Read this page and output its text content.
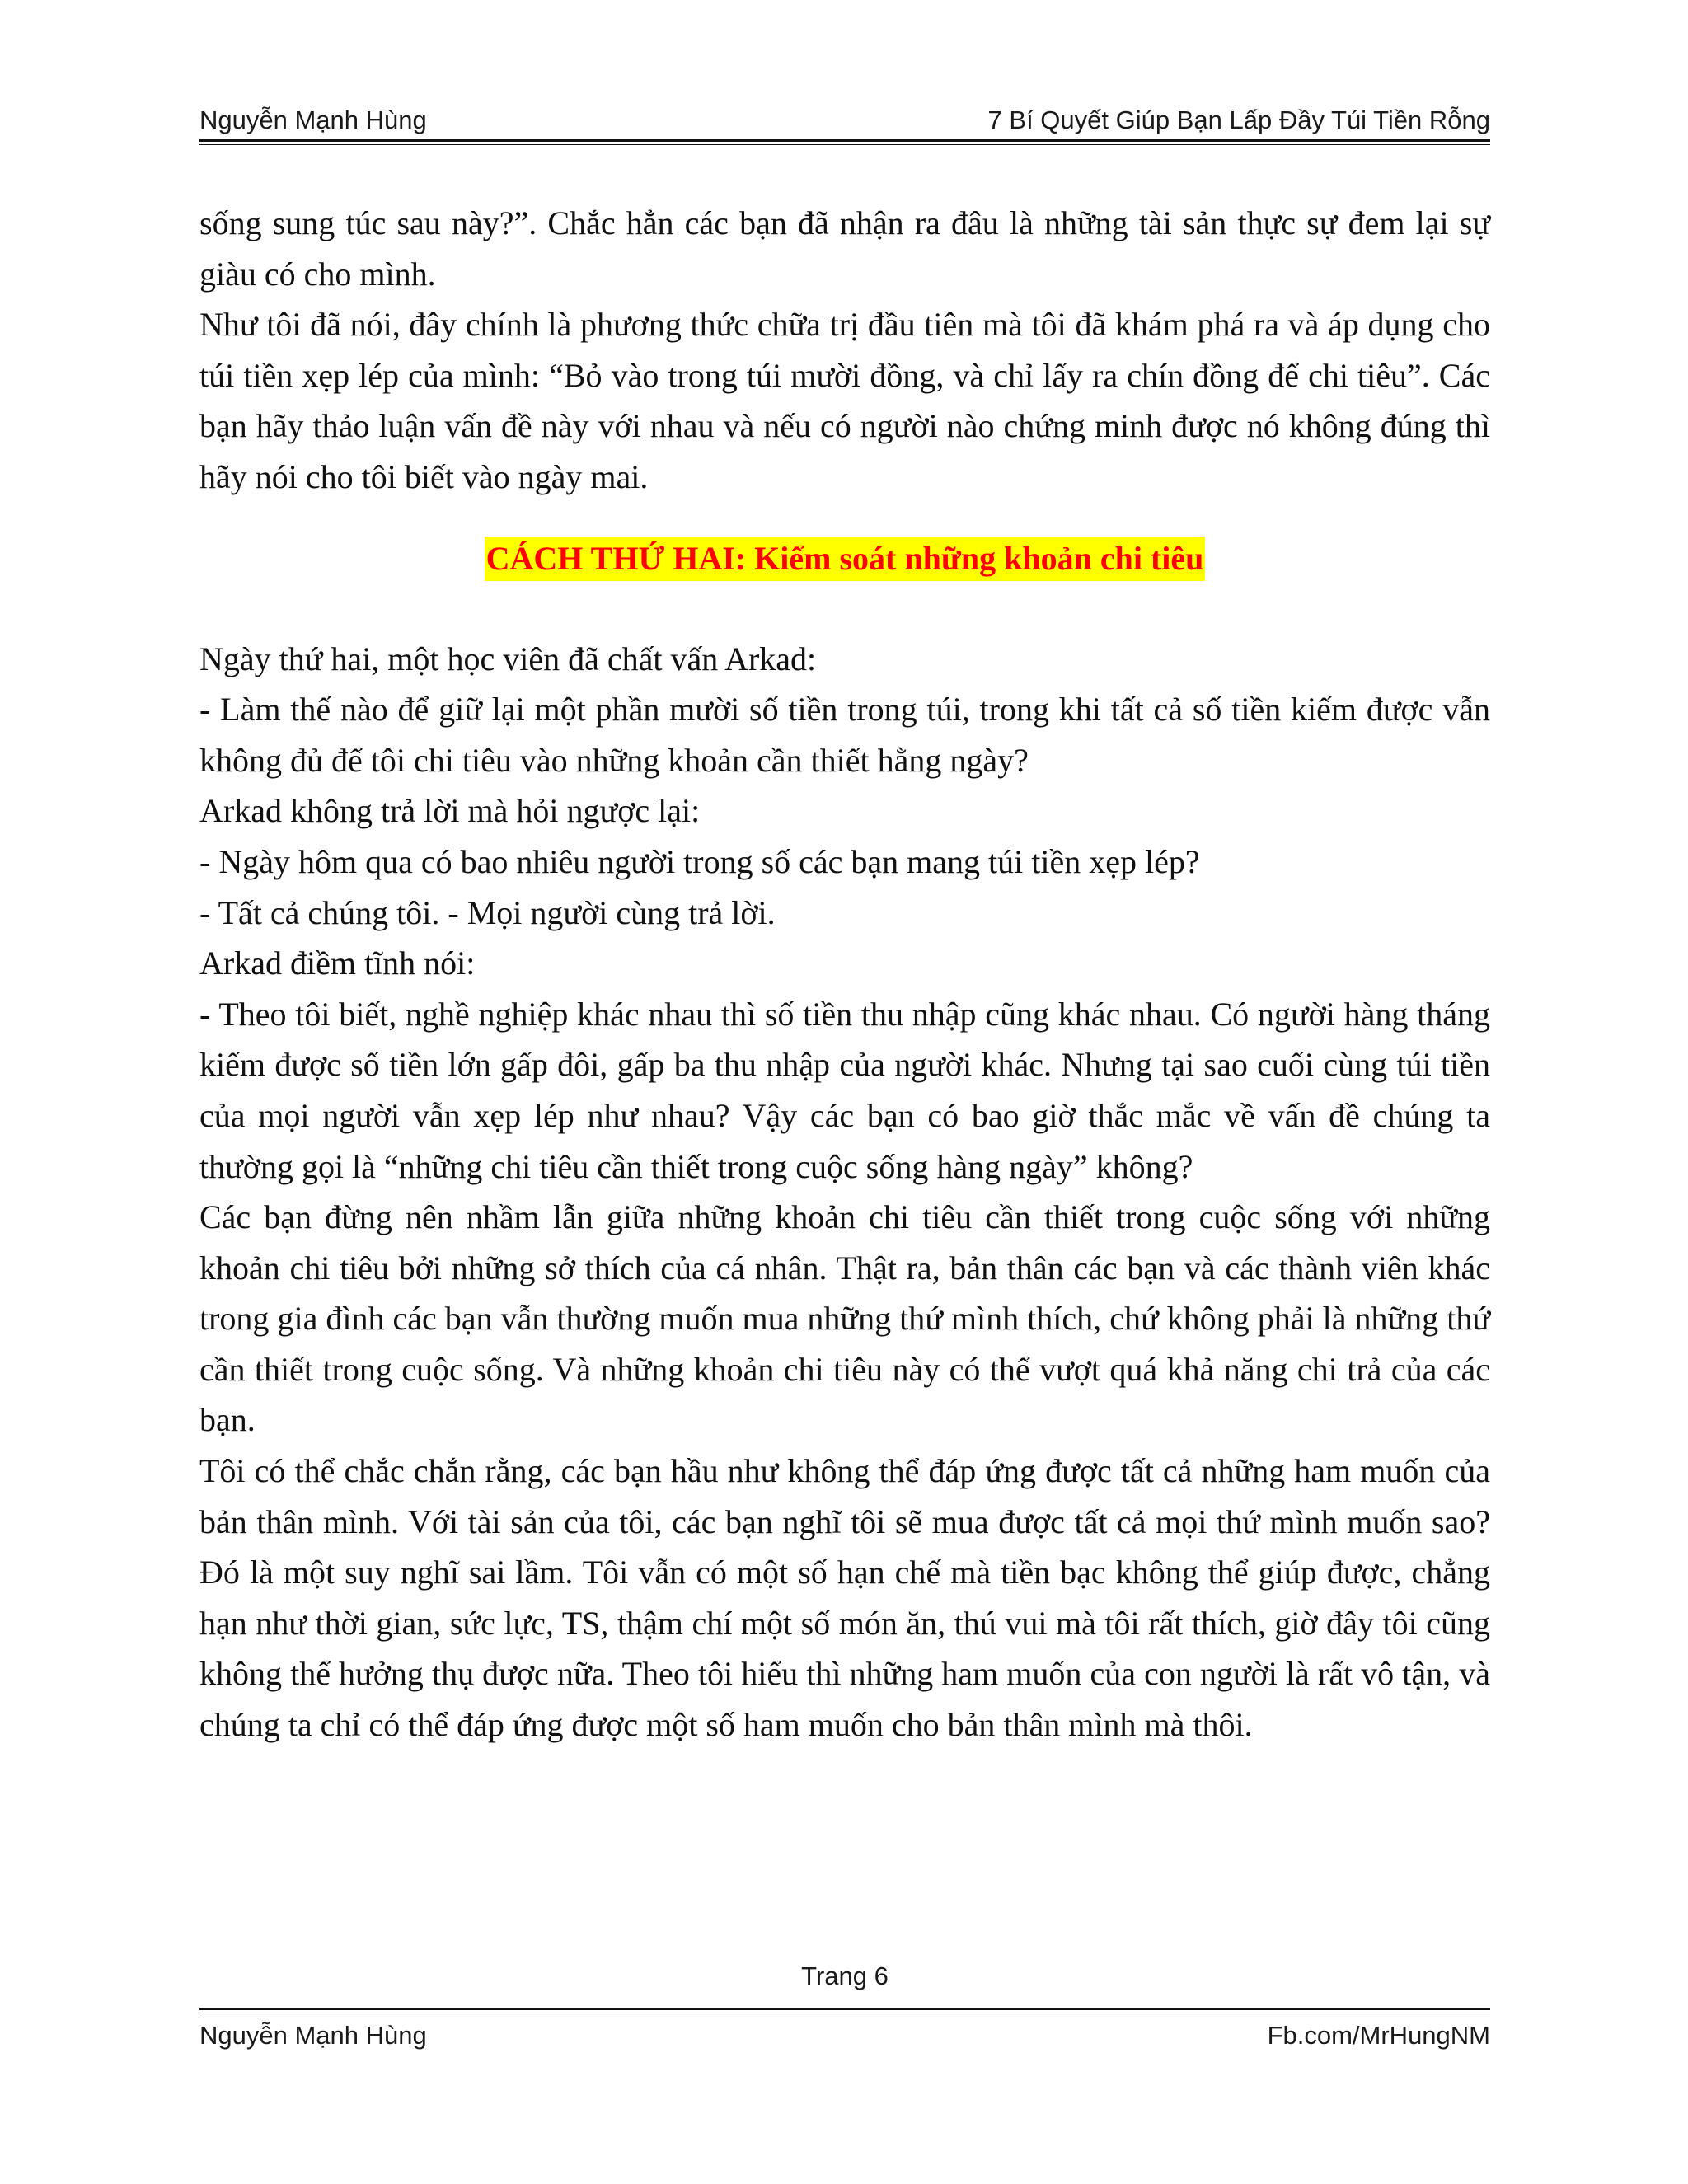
Nguyễn Mạnh Hùng	7 Bí Quyết Giúp Bạn Lấp Đầy Túi Tiền Rỗng

sống sung túc sau này?”. Chắc hẳn các bạn đã nhận ra đâu là những tài sản thực sự đem lại sự giàu có cho mình.

Như tôi đã nói, đây chính là phương thức chữa trị đầu tiên mà tôi đã khám phá ra và áp dụng cho túi tiền xẹp lép của mình: “Bỏ vào trong túi mười đồng, và chỉ lấy ra chín đồng để chi tiêu”. Các bạn hãy thảo luận vấn đề này với nhau và nếu có người nào chứng minh được nó không đúng thì hãy nói cho tôi biết vào ngày mai.

CÁCH THỨ HAI: Kiểm soát những khoản chi tiêu

Ngày thứ hai, một học viên đã chất vấn Arkad:

- Làm thế nào để giữ lại một phần mười số tiền trong túi, trong khi tất cả số tiền kiếm được vẫn không đủ để tôi chi tiêu vào những khoản cần thiết hằng ngày?

Arkad không trả lời mà hỏi ngược lại:

- Ngày hôm qua có bao nhiêu người trong số các bạn mang túi tiền xẹp lép?

- Tất cả chúng tôi. - Mọi người cùng trả lời.

Arkad điềm tĩnh nói:

- Theo tôi biết, nghề nghiệp khác nhau thì số tiền thu nhập cũng khác nhau. Có người hàng tháng kiếm được số tiền lớn gấp đôi, gấp ba thu nhập của người khác. Nhưng tại sao cuối cùng túi tiền của mọi người vẫn xẹp lép như nhau? Vậy các bạn có bao giờ thắc mắc về vấn đề chúng ta thường gọi là “những chi tiêu cần thiết trong cuộc sống hàng ngày” không?

Các bạn đừng nên nhầm lẫn giữa những khoản chi tiêu cần thiết trong cuộc sống với những khoản chi tiêu bởi những sở thích của cá nhân. Thật ra, bản thân các bạn và các thành viên khác trong gia đình các bạn vẫn thường muốn mua những thứ mình thích, chứ không phải là những thứ cần thiết trong cuộc sống. Và những khoản chi tiêu này có thể vượt quá khả năng chi trả của các bạn.

Tôi có thể chắc chắn rằng, các bạn hầu như không thể đáp ứng được tất cả những ham muốn của bản thân mình. Với tài sản của tôi, các bạn nghĩ tôi sẽ mua được tất cả mọi thứ mình muốn sao? Đó là một suy nghĩ sai lầm. Tôi vẫn có một số hạn chế mà tiền bạc không thể giúp được, chẳng hạn như thời gian, sức lực, TS, thậm chí một số món ăn, thú vui mà tôi rất thích, giờ đây tôi cũng không thể hưởng thụ được nữa. Theo tôi hiểu thì những ham muốn của con người là rất vô tận, và chúng ta chỉ có thể đáp ứng được một số ham muốn cho bản thân mình mà thôi.

Trang 6
Nguyễn Mạnh Hùng	Fb.com/MrHungNM
